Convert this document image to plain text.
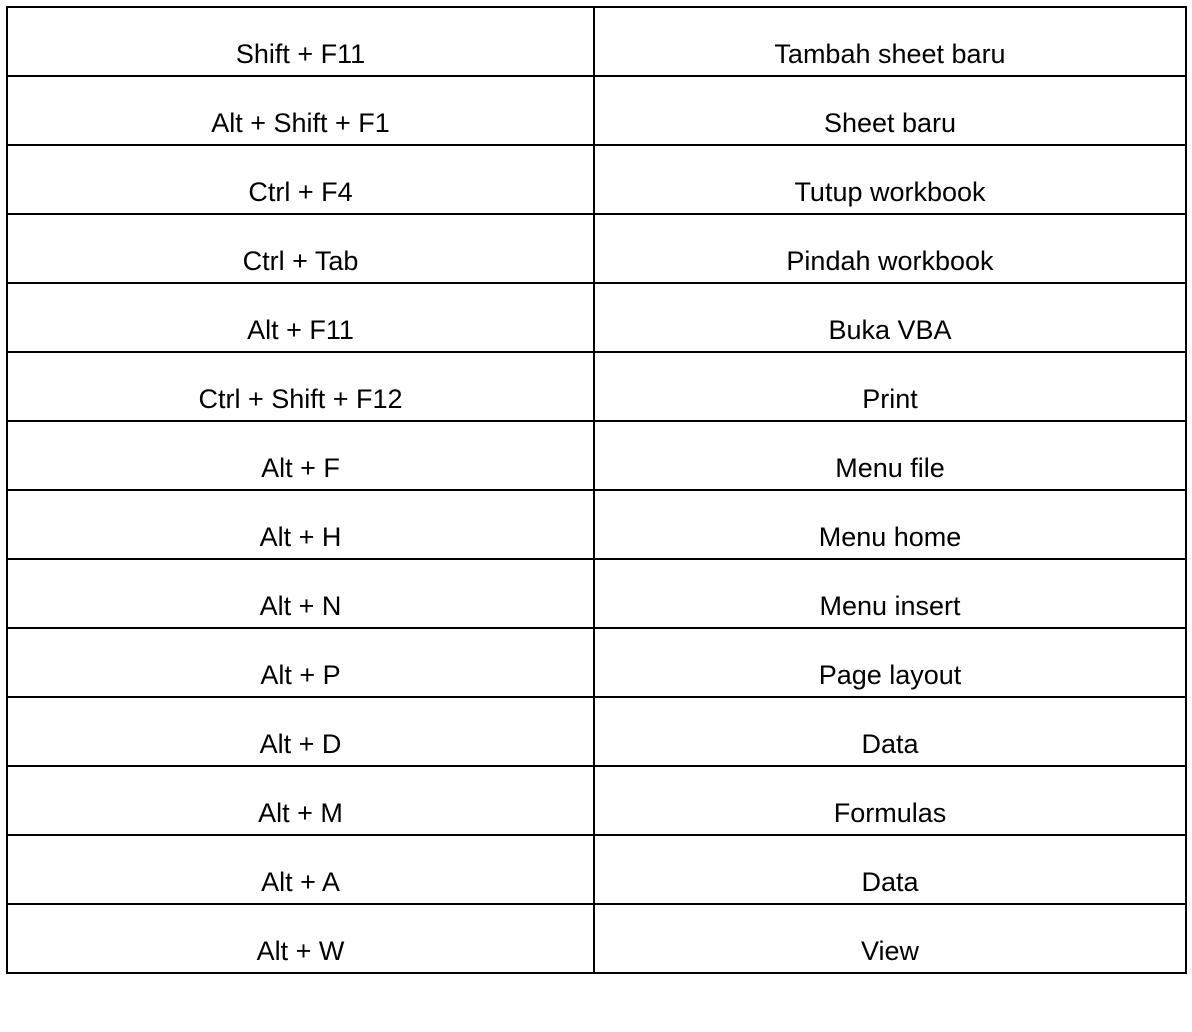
Shift + F11	Tambah sheet baru
Alt + Shift + F1	Sheet baru
Ctrl + F4	Tutup workbook
Ctrl + Tab	Pindah workbook
Alt + F11	Buka VBA
Ctrl + Shift + F12	Print
Alt + F	Menu file
Alt + H	Menu home
Alt + N	Menu insert
Alt + P	Page layout
Alt + D	Data
Alt + M	Formulas
Alt + A	Data
Alt + W	View
